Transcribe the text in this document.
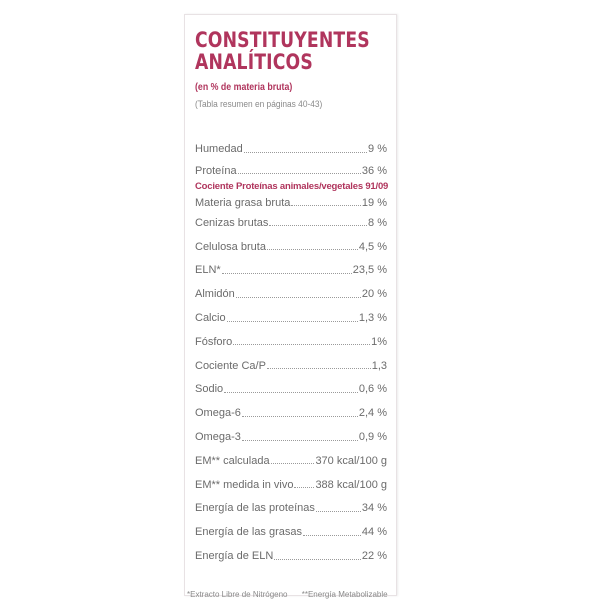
CONSTITUYENTES
ANALÍTICOS
(en % de materia bruta)
(Tabla resumen en páginas 40-43)
Humedad	9 %
Proteína	36 %
Cociente Proteínas animales/vegetales 91/09
Materia grasa bruta	19 %
Cenizas brutas	8 %
Celulosa bruta	4,5 %
ELN*	23,5 %
Almidón	20 %
Calcio	1,3 %
Fósforo	1%
Cociente Ca/P	1,3
Sodio	0,6 %
Omega-6	2,4 %
Omega-3	0,9 %
EM** calculada	370 kcal/100 g
EM** medida in vivo 388 kcal/100 g
Energía de las proteínas	34 %
Energía de las grasas	44 %
Energía de ELN	22 %
*Extracto Libre de Nitrógeno **Energía Metabolizable
